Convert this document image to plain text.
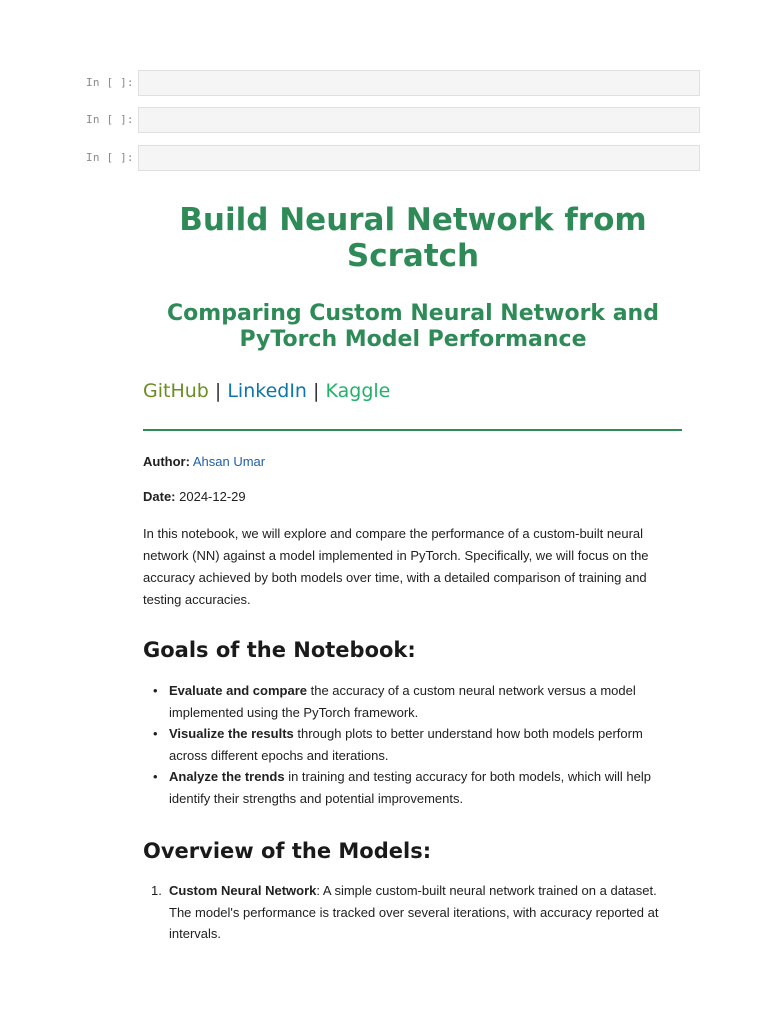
In [ ]:
In [ ]:
In [ ]:
Build Neural Network from Scratch
Comparing Custom Neural Network and PyTorch Model Performance
GitHub | LinkedIn | Kaggle
Author: Ahsan Umar
Date: 2024-12-29

In this notebook, we will explore and compare the performance of a custom-built neural network (NN) against a model implemented in PyTorch. Specifically, we will focus on the accuracy achieved by both models over time, with a detailed comparison of training and testing accuracies.

Goals of the Notebook:
• Evaluate and compare the accuracy of a custom neural network versus a model implemented using the PyTorch framework.
• Visualize the results through plots to better understand how both models perform across different epochs and iterations.
• Analyze the trends in training and testing accuracy for both models, which will help identify their strengths and potential improvements.
Overview of the Models:
1. Custom Neural Network: A simple custom-built neural network trained on a dataset. The model's performance is tracked over several iterations, with accuracy reported at intervals.
